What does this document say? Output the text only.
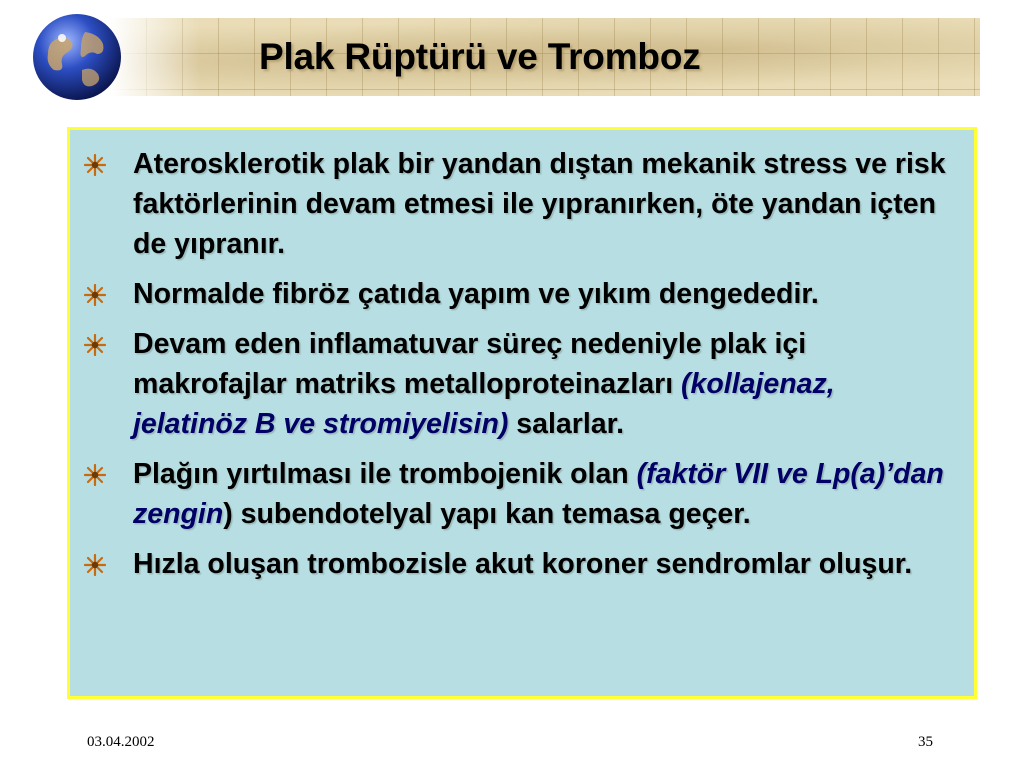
Plak Rüptürü ve Tromboz
Aterosklerotik plak bir yandan dıştan mekanik stress ve risk faktörlerinin devam etmesi ile yıpranırken, öte yandan içten de yıpranır.
Normalde fibröz çatıda yapım ve yıkım dengededir.
Devam eden inflamatuvar süreç nedeniyle plak içi makrofajlar matriks metalloproteinazları (kollajenaz, jelatinöz B ve stromiyelisin) salarlar.
Plağın yırtılması ile trombojenik olan (faktör VII ve Lp(a)’dan zengin) subendotelyal yapı kan temasa geçer.
Hızla oluşan trombozisle akut koroner sendromlar oluşur.
03.04.2002	35
